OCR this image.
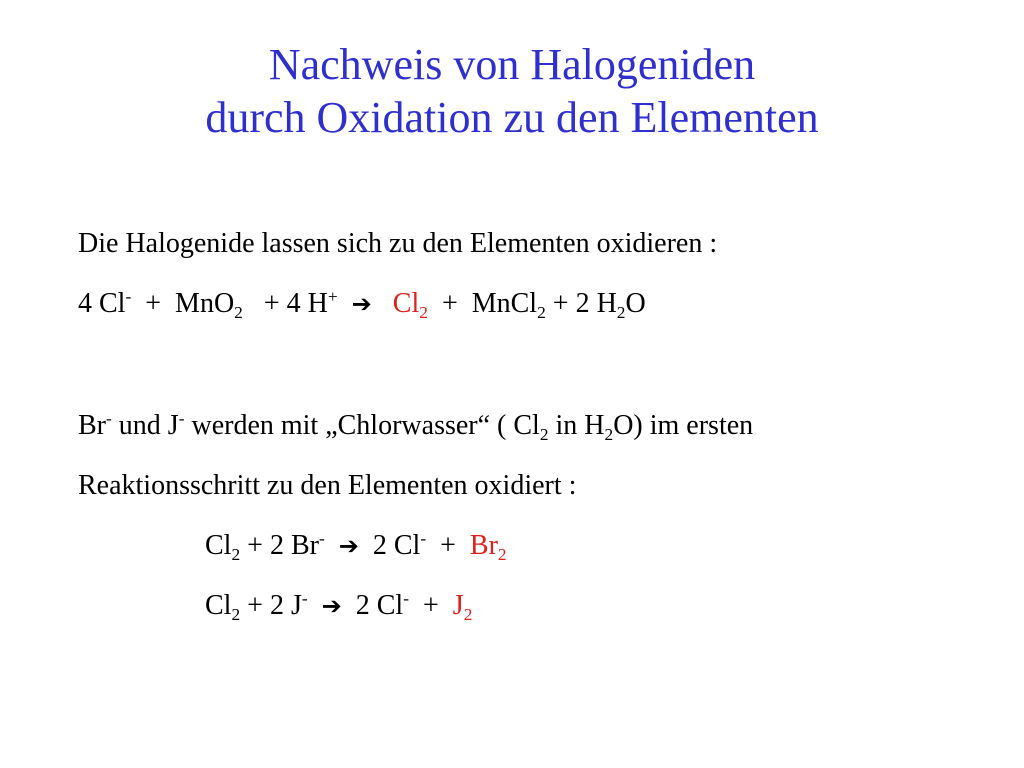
Nachweis von Halogeniden
durch Oxidation zu den Elementen
Die Halogenide lassen sich zu den Elementen oxidieren :
4 Cl- + MnO$_2$ + 4 H+ ➔ $Cl_2$ + MnCl$_2$ + 2 $H_2O$
Br- und J- werden mit „Chlorwasser“ ( $Cl_2$ in $H_2O$) im ersten
Reaktionsschritt zu den Elementen oxidiert :
$Cl_2 + 2$ Br- ➔ 2 $Cl^- + Br_2$
$Cl_2 + 2$ J- ➔ 2 $Cl^- + J_2$
